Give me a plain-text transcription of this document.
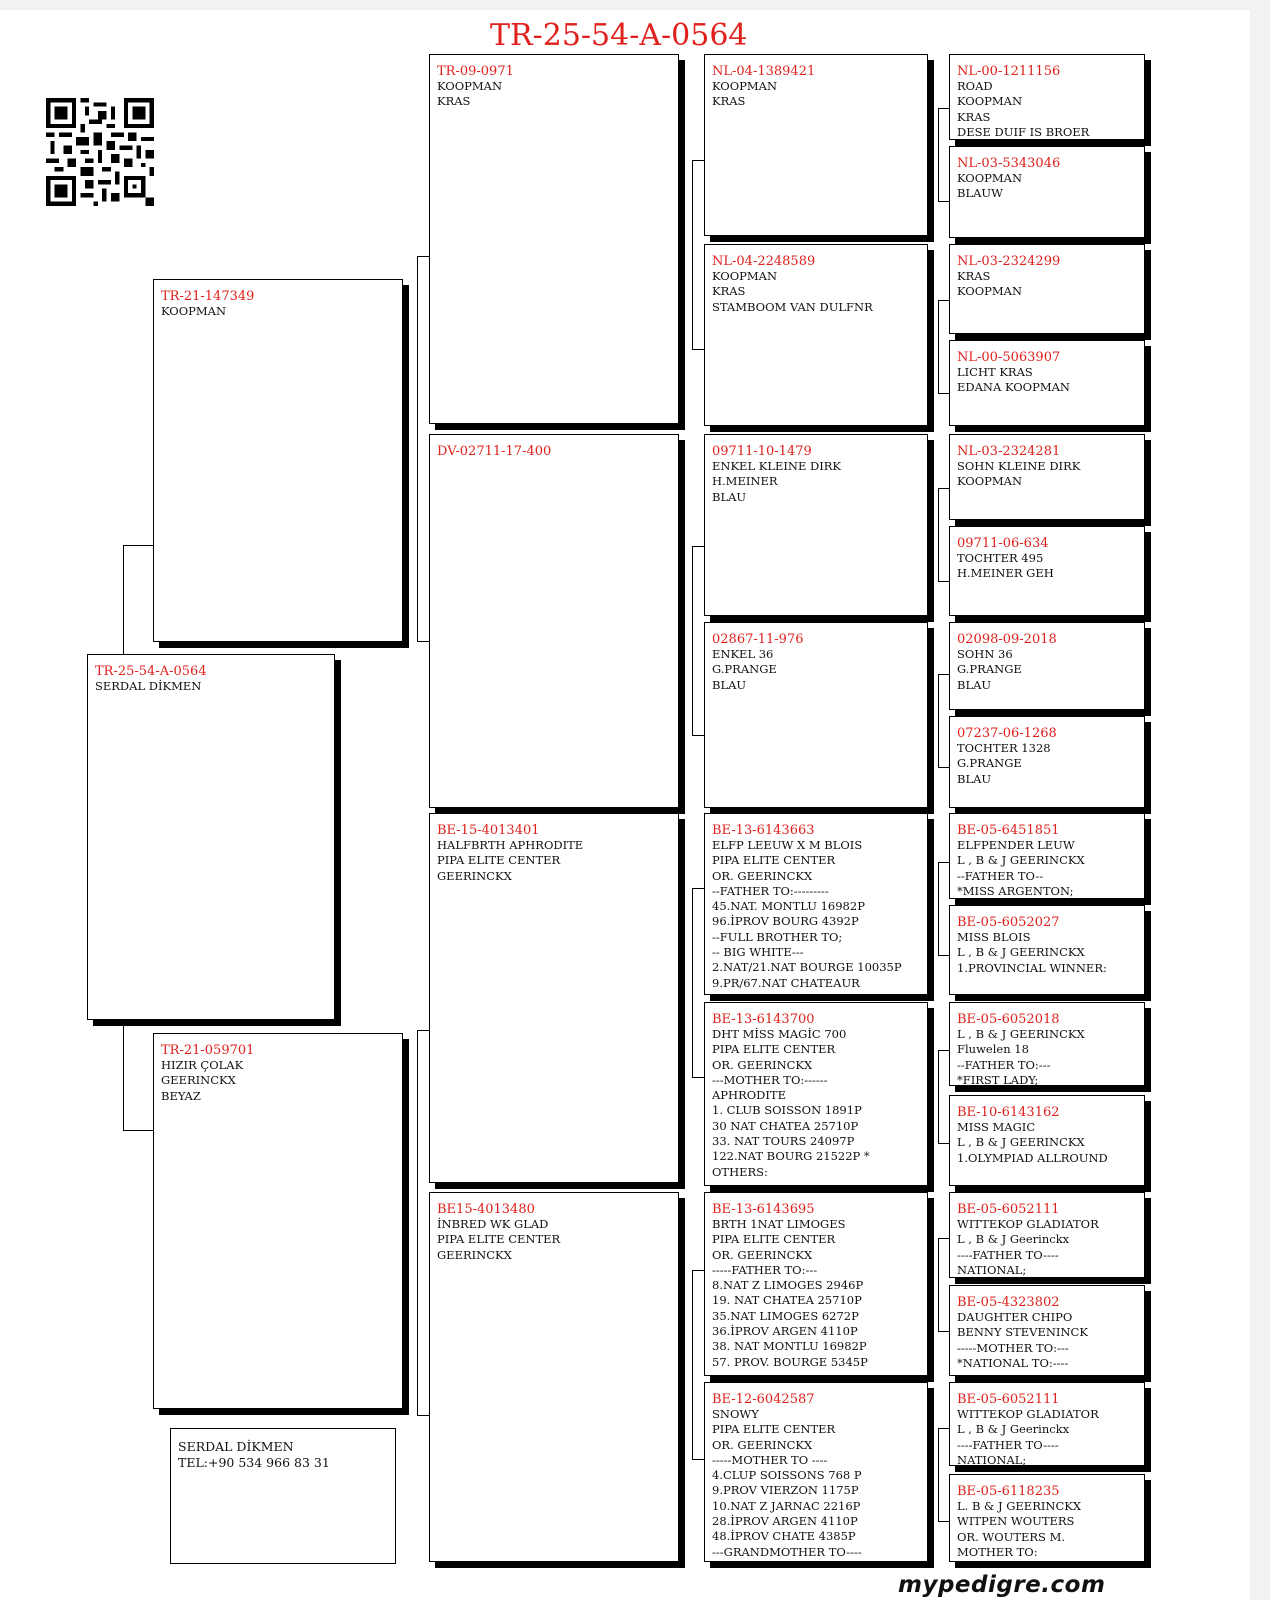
TR-25-54-A-0564
TR-25-54-A-0564
SERDAL DİKMEN
TR-21-147349
KOOPMAN
TR-21-059701
HIZIR ÇOLAK
GEERINCKX
BEYAZ
TR-09-0971
KOOPMAN
KRAS
DV-02711-17-400
BE-15-4013401
HALFBRTH APHRODITE
PIPA ELITE CENTER
GEERINCKX
BE15-4013480
İNBRED WK GLAD
PIPA ELITE CENTER
GEERINCKX
NL-04-1389421
KOOPMAN
KRAS
NL-04-2248589
KOOPMAN
KRAS
STAMBOOM VAN DULFNR
09711-10-1479
ENKEL KLEINE DIRK
H.MEINER
BLAU
02867-11-976
ENKEL 36
G.PRANGE
BLAU
BE-13-6143663
ELFP LEEUW X M BLOIS
PIPA ELITE CENTER
OR. GEERINCKX
--FATHER TO:---------
45.NAT. MONTLU 16982P
96.İPROV BOURG 4392P
--FULL BROTHER TO;
-- BIG WHITE---
2.NAT/21.NAT BOURGE 10035P
9.PR/67.NAT CHATEAUR
BE-13-6143700
DHT MİSS MAGİC 700
PIPA ELITE CENTER
OR. GEERINCKX
---MOTHER TO:------
APHRODITE
1. CLUB SOISSON 1891P
30 NAT CHATEA 25710P
33. NAT TOURS 24097P
122.NAT BOURG 21522P *
OTHERS:
BE-13-6143695
BRTH 1NAT LIMOGES
PIPA ELITE CENTER
OR. GEERINCKX
-----FATHER TO:---
8.NAT Z LIMOGES 2946P
19. NAT CHATEA 25710P
35.NAT LIMOGES 6272P
36.İPROV ARGEN 4110P
38. NAT MONTLU 16982P
57. PROV. BOURGE 5345P
BE-12-6042587
SNOWY
PIPA ELITE CENTER
OR. GEERINCKX
-----MOTHER TO ----
4.CLUP SOISSONS 768 P
9.PROV VIERZON 1175P
10.NAT Z JARNAC 2216P
28.İPROV ARGEN 4110P
48.İPROV CHATE 4385P
---GRANDMOTHER TO----
NL-00-1211156
ROAD
KOOPMAN
KRAS
DESE DUIF IS BROER
NL-03-5343046
KOOPMAN
BLAUW
NL-03-2324299
KRAS
KOOPMAN
NL-00-5063907
LICHT KRAS
EDANA KOOPMAN
NL-03-2324281
SOHN KLEINE DIRK
KOOPMAN
09711-06-634
TOCHTER 495
H.MEINER GEH
02098-09-2018
SOHN 36
G.PRANGE
BLAU
07237-06-1268
TOCHTER 1328
G.PRANGE
BLAU
BE-05-6451851
ELFPENDER LEUW
L , B & J GEERINCKX
--FATHER TO--
*MISS ARGENTON;
BE-05-6052027
MISS BLOIS
L , B & J GEERINCKX
1.PROVINCIAL WINNER:
BE-05-6052018
L , B & J GEERINCKX
Fluwelen 18
--FATHER TO:---
*FIRST LADY;
BE-10-6143162
MISS MAGIC
L , B & J GEERINCKX
1.OLYMPIAD ALLROUND
BE-05-6052111
WITTEKOP GLADIATOR
L , B & J Geerinckx
----FATHER TO----
NATIONAL;
BE-05-4323802
DAUGHTER CHIPO
BENNY STEVENINCK
-----MOTHER TO:---
*NATIONAL TO:----
BE-05-6052111
WITTEKOP GLADIATOR
L , B & J Geerinckx
----FATHER TO----
NATIONAL;
BE-05-6118235
L. B & J GEERINCKX
WITPEN WOUTERS
OR. WOUTERS M.
MOTHER TO:
SERDAL DİKMEN
TEL:+90 534 966 83 31
mypedigre.com
